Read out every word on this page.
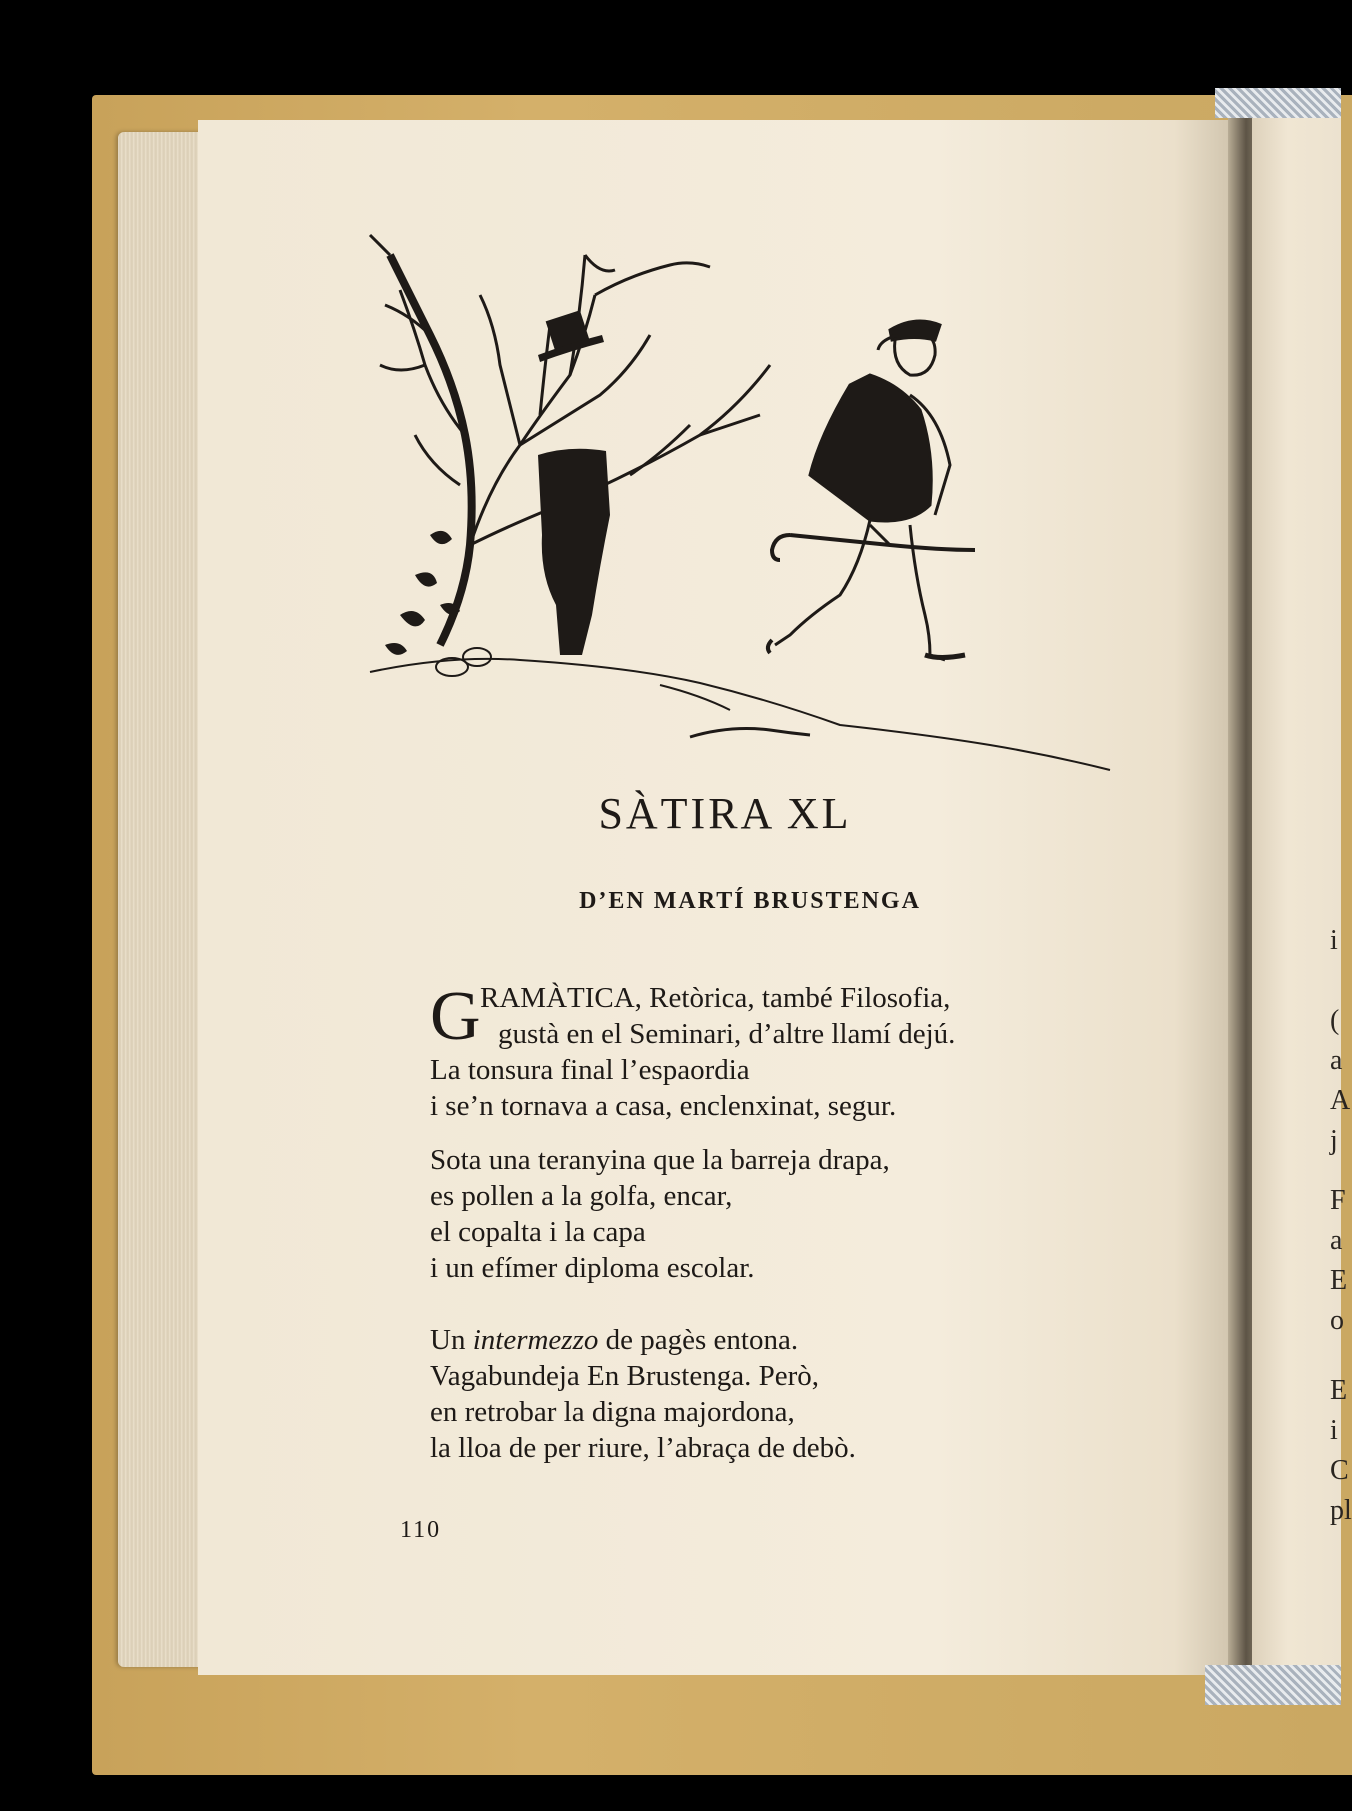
i
(
a
A
j
F
a
E
o
E
i
C
pl
SÀTIRA XL
D’EN MARTÍ BRUSTENGA
G RAMÀTICA, Retòrica, també Filosofia,
gustà en el Seminari, d’altre llamí dejú.
La tonsura final l’espaordia
i se’n tornava a casa, enclenxinat, segur.
Sota una teranyina que la barreja drapa,
es pollen a la golfa, encar,
el copalta i la capa
i un efímer diploma escolar.
Un intermezzo de pagès entona.
Vagabundeja En Brustenga. Però,
en retrobar la digna majordona,
la lloa de per riure, l’abraça de debò.
110
